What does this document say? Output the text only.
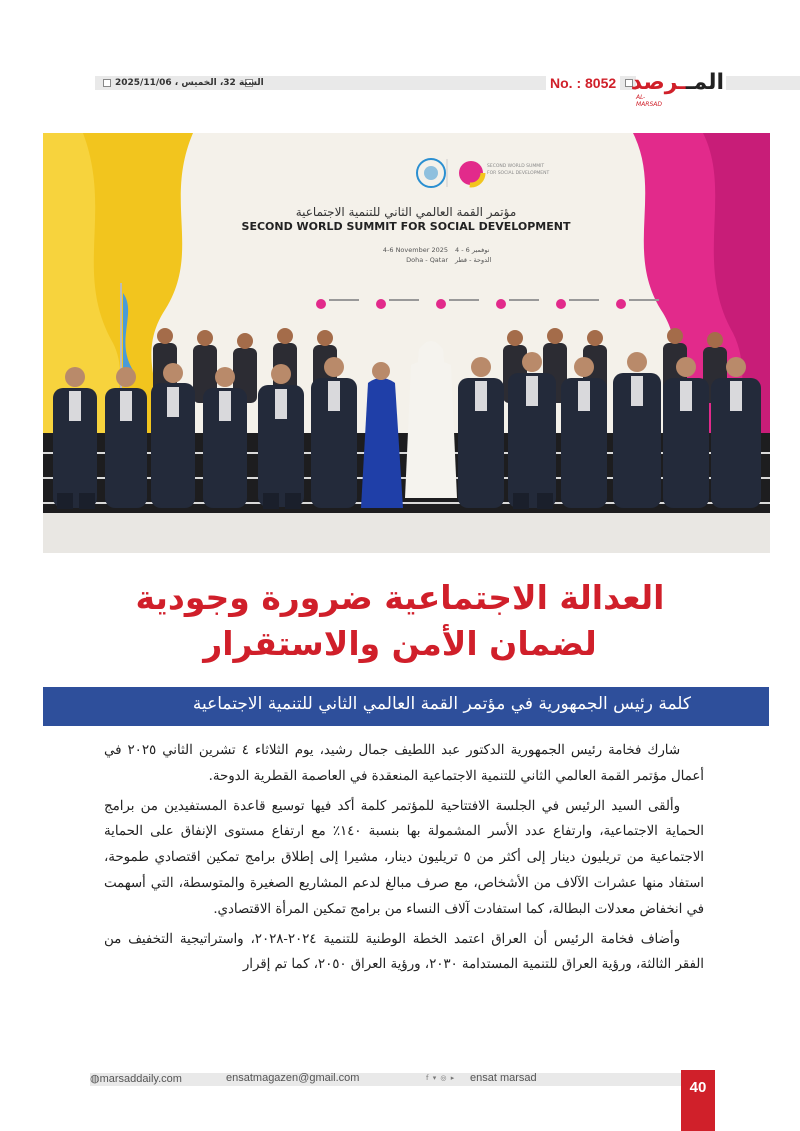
السنة 32، الخميس ، 2025/11/06	No. : 8052	المــرصد
AL-MARSAD
SECOND WORLD SUMMIT
FOR SOCIAL DEVELOPMENT
مؤتمر القمة العالمي الثاني للتنمية الاجتماعية
SECOND WORLD SUMMIT FOR SOCIAL DEVELOPMENT
4-6 November 2025 4 - 6 نوفمبر
Doha - Qatar الدوحة - قطر
العدالة الاجتماعية ضرورة وجودية
لضمان الأمن والاستقرار
كلمة رئيس الجمهورية في مؤتمر القمة العالمي الثاني للتنمية الاجتماعية

شارك فخامة رئيس الجمهورية الدكتور عبد اللطيف جمال رشيد، يوم الثلاثاء ٤ تشرين الثاني ٢٠٢٥ في أعمال مؤتمر القمة العالمي الثاني للتنمية الاجتماعية المنعقدة في العاصمة القطرية الدوحة.

وألقى السيد الرئيس في الجلسة الافتتاحية للمؤتمر كلمة أكد فيها توسيع قاعدة المستفيدين من برامج الحماية الاجتماعية، وارتفاع عدد الأسر المشمولة بها بنسبة ١٤٠٪ مع ارتفاع مستوى الإنفاق على الحماية الاجتماعية من تريليون دينار إلى أكثر من ٥ تريليون دينار، مشيرا إلى إطلاق برامج تمكين اقتصادي طموحة، استفاد منها عشرات الآلاف من الأشخاص، مع صرف مبالغ لدعم المشاريع الصغيرة والمتوسطة، التي أسهمت في انخفاض معدلات البطالة، كما استفادت آلاف النساء من برامج تمكين المرأة الاقتصادي.

وأضاف فخامة الرئيس أن العراق اعتمد الخطة الوطنية للتنمية ٢٠٢٤-٢٠٢٨، واستراتيجية التخفيف من الفقر الثالثة، ورؤية العراق للتنمية المستدامة ٢٠٣٠، ورؤية العراق ٢٠٥٠، كما تم إقرار

◍marsaddaily.com	ensatmagazen@gmail.com	f ▾ ◎ ▸ ensat marsad
40
